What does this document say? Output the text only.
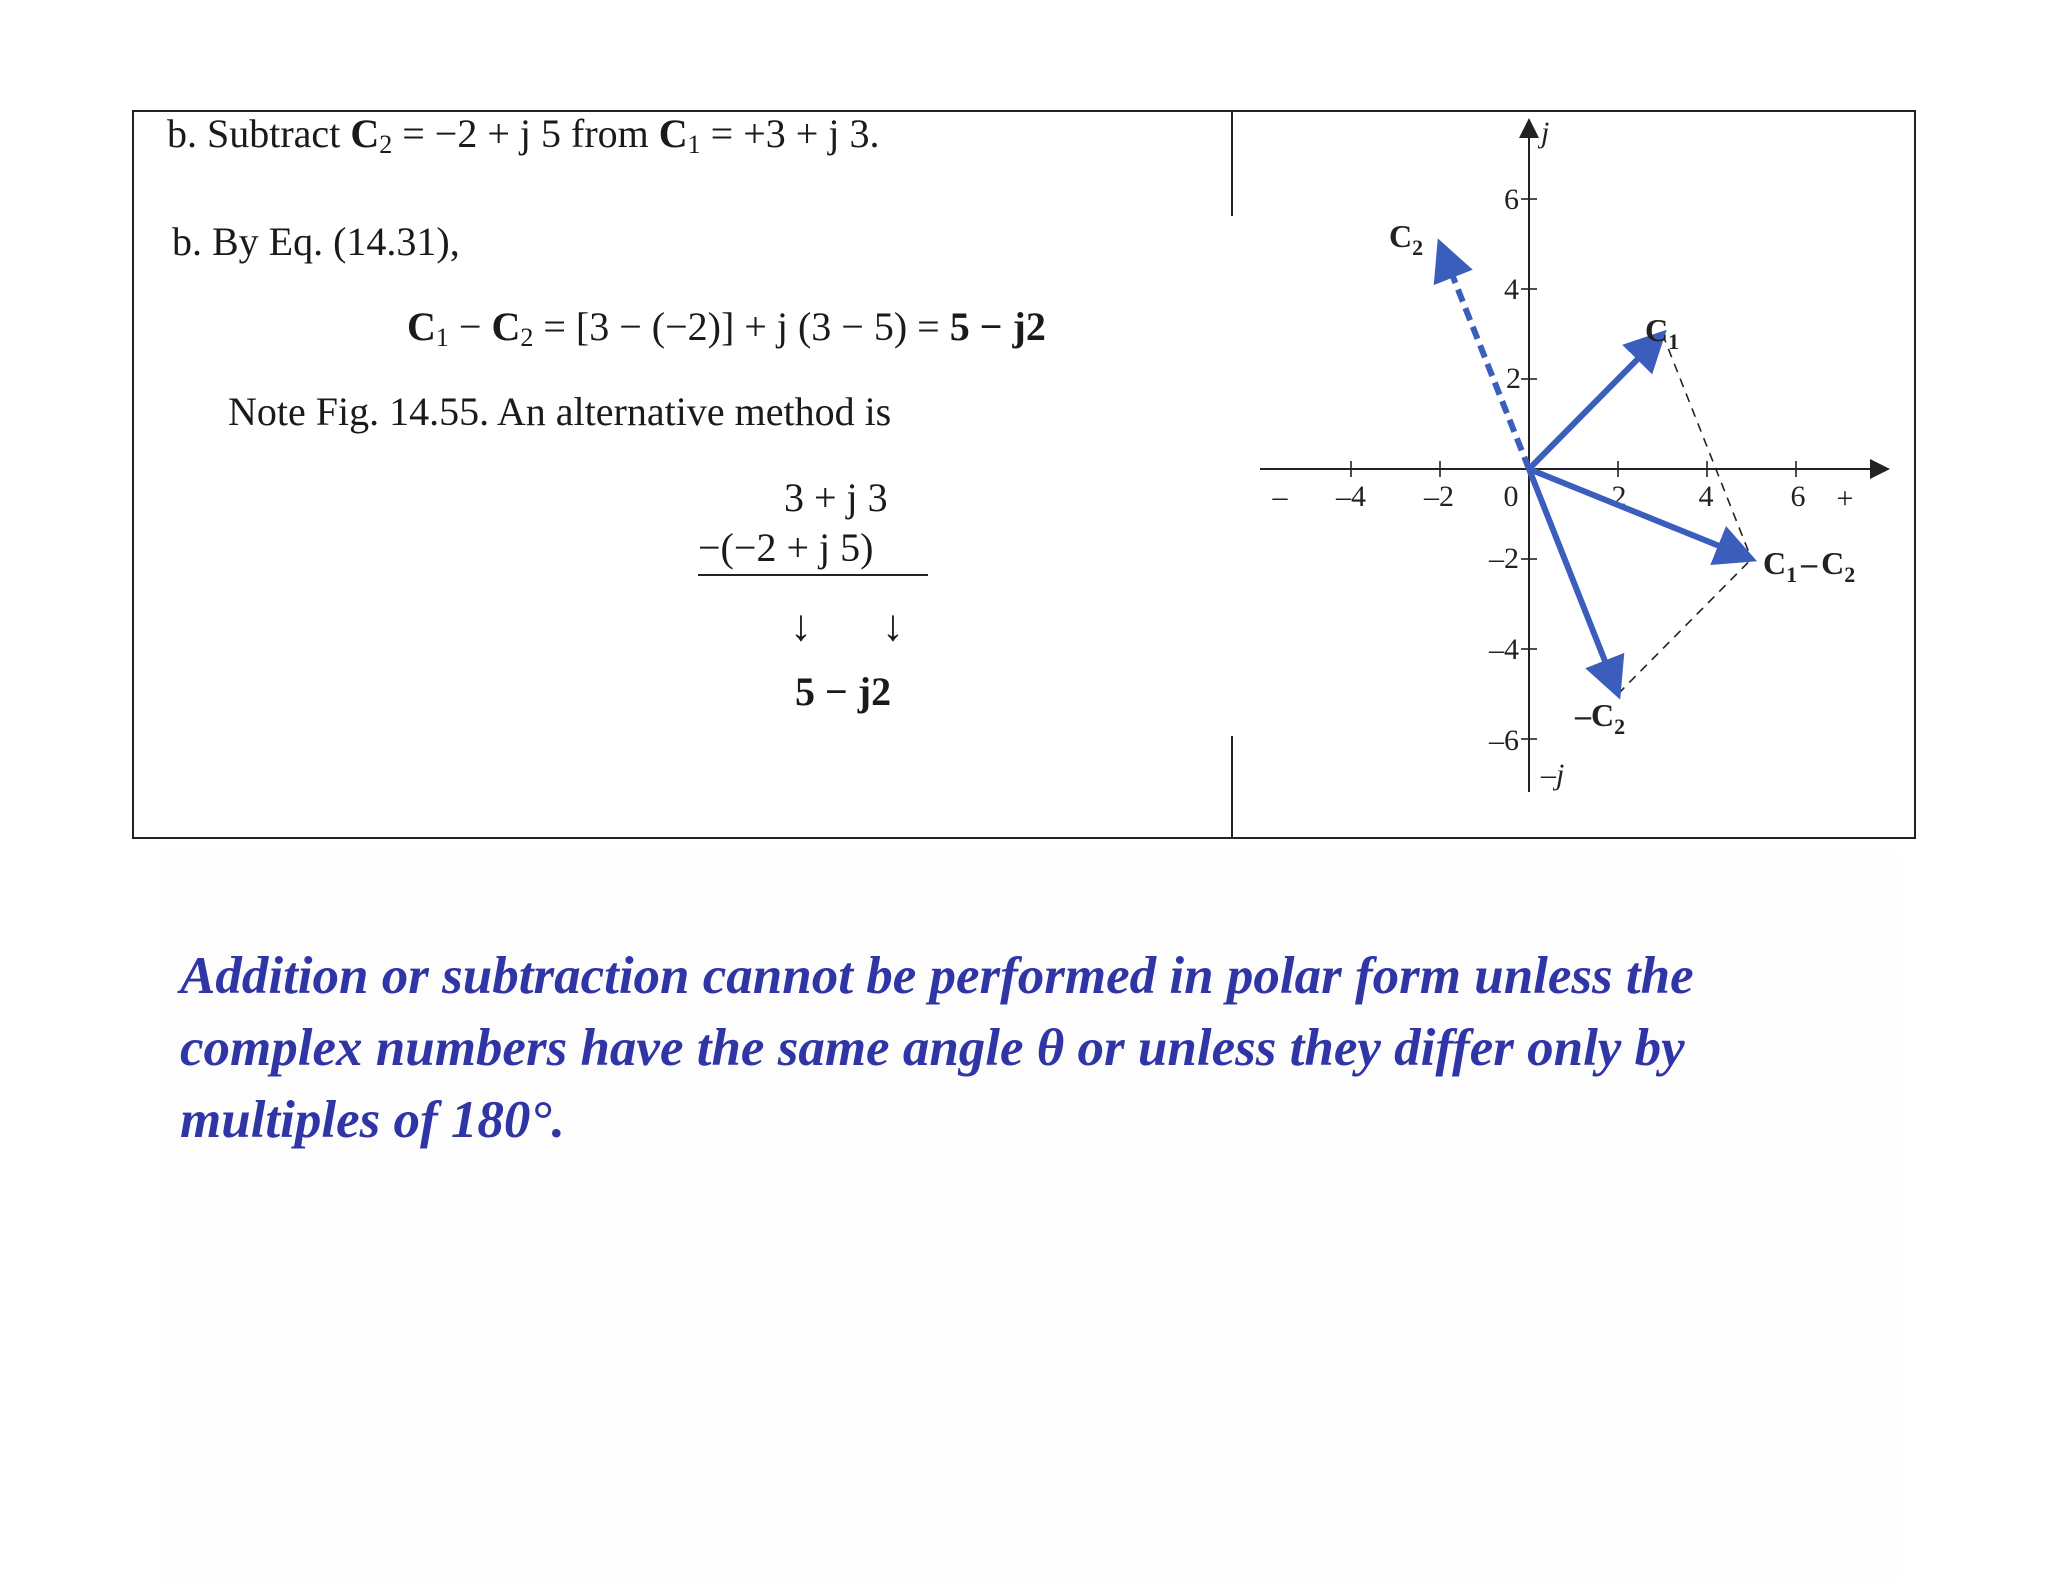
b. Subtract $C_2 = -2 + j$ 5 from $C_1 = +3 + j$ 3.
b. By Eq. (14.31),
$C_1 - C_2 = [3 - (-2)] + j$ (3 − 5) = 5 − j2
Note Fig. 14.55. An alternative method is
3 + j 3
−(−2 + j 5)
↓ ↓
5 − j2
– –4 –2 0	2 4	6 +
6
4
2
–2
–4
–6
j
–j
$C_2$
$C_1$
$-C_2$
$C_1 - C_2$
Addition or subtraction cannot be performed in polar form unless the
complex numbers have the same angle θ or unless they differ only by
multiples of 180°.
